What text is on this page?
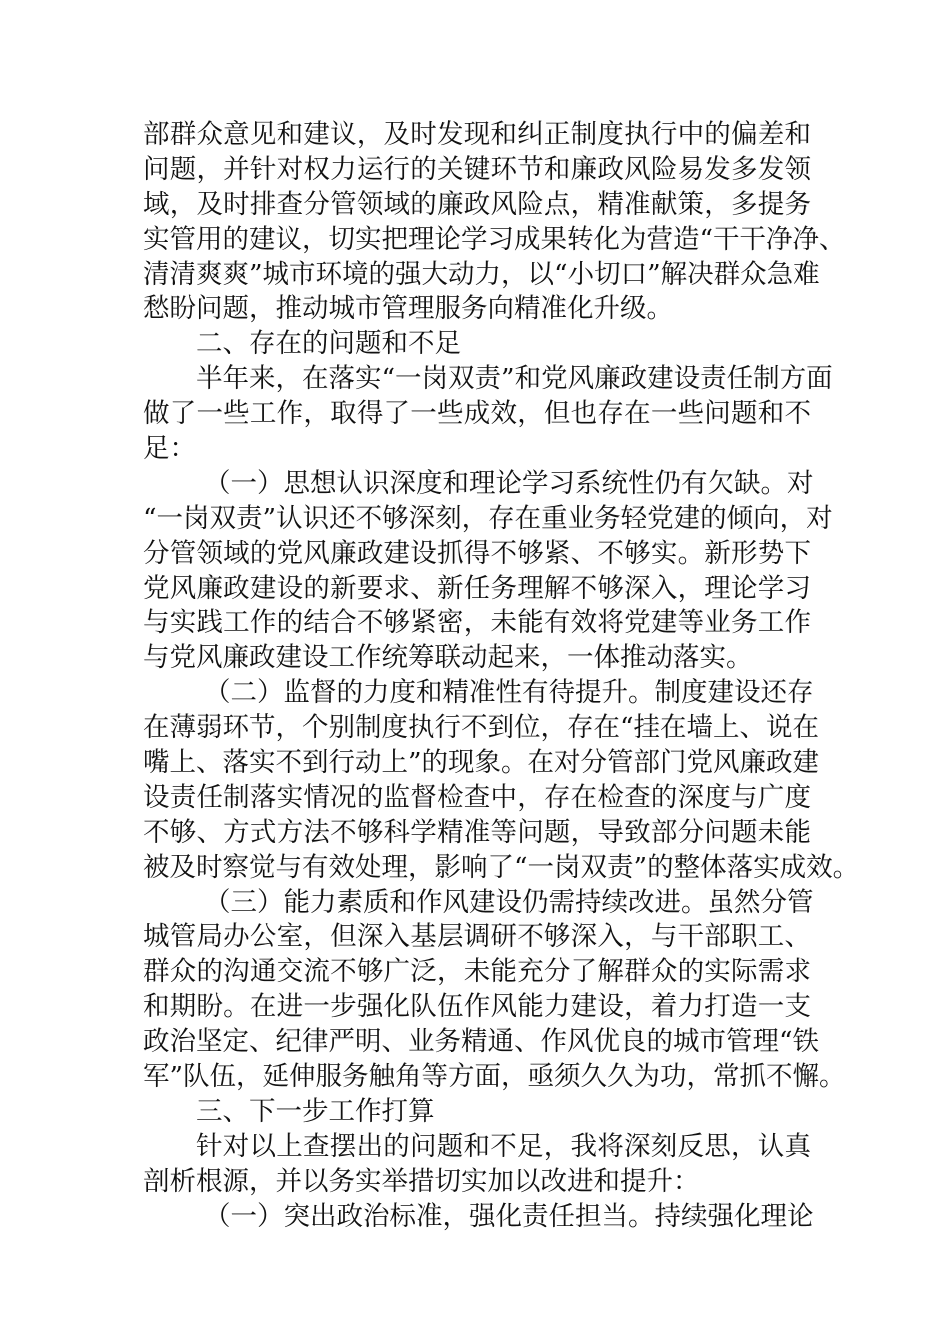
部群众意见和建议，及时发现和纠正制度执行中的偏差和
问题，并针对权力运行的关键环节和廉政风险易发多发领
域，及时排查分管领域的廉政风险点，精准献策，多提务
实管用的建议，切实把理论学习成果转化为营造“干干净净、
清清爽爽”城市环境的强大动力，以“小切口”解决群众急难
愁盼问题，推动城市管理服务向精准化升级。
二、存在的问题和不足
半年来，在落实“一岗双责”和党风廉政建设责任制方面
做了一些工作，取得了一些成效，但也存在一些问题和不
足：
（一）思想认识深度和理论学习系统性仍有欠缺。对
“一岗双责”认识还不够深刻，存在重业务轻党建的倾向，对
分管领域的党风廉政建设抓得不够紧、不够实。新形势下
党风廉政建设的新要求、新任务理解不够深入，理论学习
与实践工作的结合不够紧密，未能有效将党建等业务工作
与党风廉政建设工作统筹联动起来，一体推动落实。
（二）监督的力度和精准性有待提升。制度建设还存
在薄弱环节，个别制度执行不到位，存在“挂在墙上、说在
嘴上、落实不到行动上”的现象。在对分管部门党风廉政建
设责任制落实情况的监督检查中，存在检查的深度与广度
不够、方式方法不够科学精准等问题，导致部分问题未能
被及时察觉与有效处理，影响了“一岗双责”的整体落实成效。
（三）能力素质和作风建设仍需持续改进。虽然分管
城管局办公室，但深入基层调研不够深入，与干部职工、
群众的沟通交流不够广泛，未能充分了解群众的实际需求
和期盼。在进一步强化队伍作风能力建设，着力打造一支
政治坚定、纪律严明、业务精通、作风优良的城市管理“铁
军”队伍，延伸服务触角等方面，亟须久久为功，常抓不懈。
三、下一步工作打算
针对以上查摆出的问题和不足，我将深刻反思，认真
剖析根源，并以务实举措切实加以改进和提升：
（一）突出政治标准，强化责任担当。持续强化理论
